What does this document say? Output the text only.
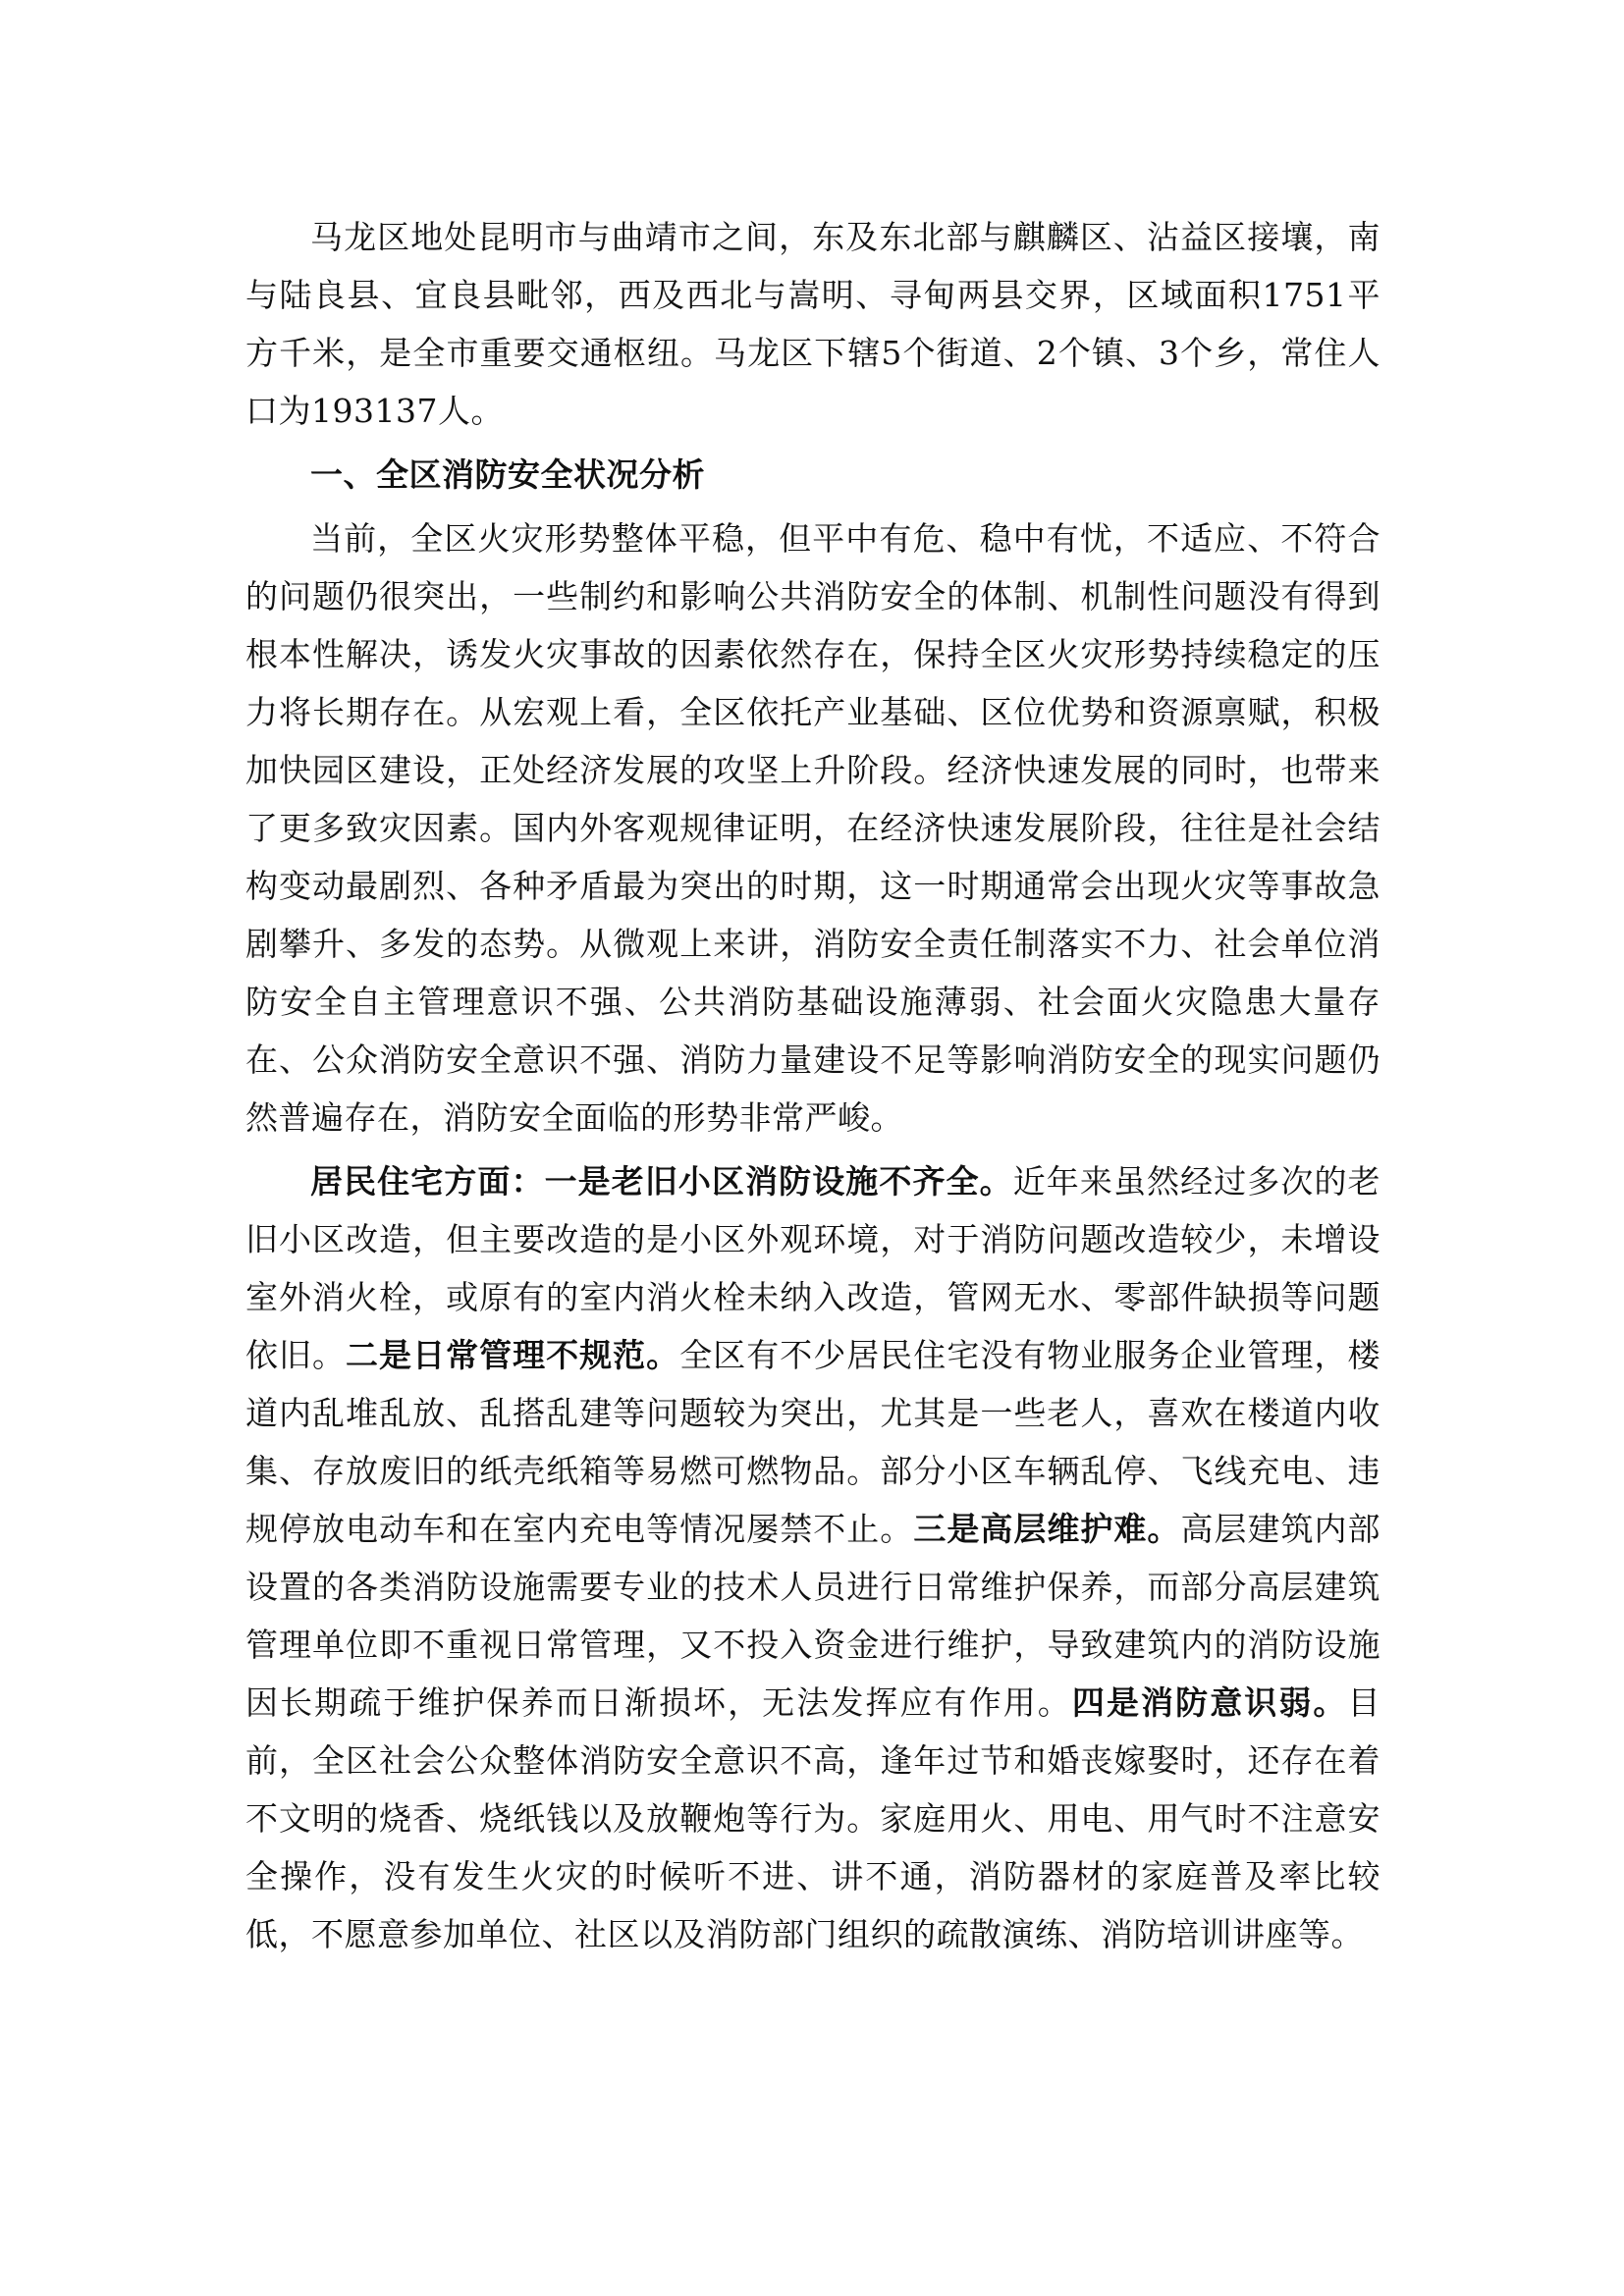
马龙区地处昆明市与曲靖市之间，东及东北部与麒麟区、沾益区接壤，南与陆良县、宜良县毗邻，西及西北与嵩明、寻甸两县交界，区域面积1751平方千米，是全市重要交通枢纽。马龙区下辖5个街道、2个镇、3个乡，常住人口为193137人。

一、全区消防安全状况分析

当前，全区火灾形势整体平稳，但平中有危、稳中有忧，不适应、不符合的问题仍很突出，一些制约和影响公共消防安全的体制、机制性问题没有得到根本性解决，诱发火灾事故的因素依然存在，保持全区火灾形势持续稳定的压力将长期存在。从宏观上看，全区依托产业基础、区位优势和资源禀赋，积极加快园区建设，正处经济发展的攻坚上升阶段。经济快速发展的同时，也带来了更多致灾因素。国内外客观规律证明，在经济快速发展阶段，往往是社会结构变动最剧烈、各种矛盾最为突出的时期，这一时期通常会出现火灾等事故急剧攀升、多发的态势。从微观上来讲，消防安全责任制落实不力、社会单位消防安全自主管理意识不强、公共消防基础设施薄弱、社会面火灾隐患大量存在、公众消防安全意识不强、消防力量建设不足等影响消防安全的现实问题仍然普遍存在，消防安全面临的形势非常严峻。

居民住宅方面：一是老旧小区消防设施不齐全。近年来虽然经过多次的老旧小区改造，但主要改造的是小区外观环境，对于消防问题改造较少，未增设室外消火栓，或原有的室内消火栓未纳入改造，管网无水、零部件缺损等问题依旧。二是日常管理不规范。全区有不少居民住宅没有物业服务企业管理，楼道内乱堆乱放、乱搭乱建等问题较为突出，尤其是一些老人，喜欢在楼道内收集、存放废旧的纸壳纸箱等易燃可燃物品。部分小区车辆乱停、飞线充电、违规停放电动车和在室内充电等情况屡禁不止。三是高层维护难。高层建筑内部设置的各类消防设施需要专业的技术人员进行日常维护保养，而部分高层建筑管理单位即不重视日常管理，又不投入资金进行维护，导致建筑内的消防设施因长期疏于维护保养而日渐损坏，无法发挥应有作用。四是消防意识弱。目前，全区社会公众整体消防安全意识不高，逢年过节和婚丧嫁娶时，还存在着不文明的烧香、烧纸钱以及放鞭炮等行为。家庭用火、用电、用气时不注意安全操作，没有发生火灾的时候听不进、讲不通，消防器材的家庭普及率比较低，不愿意参加单位、社区以及消防部门组织的疏散演练、消防培训讲座等。
